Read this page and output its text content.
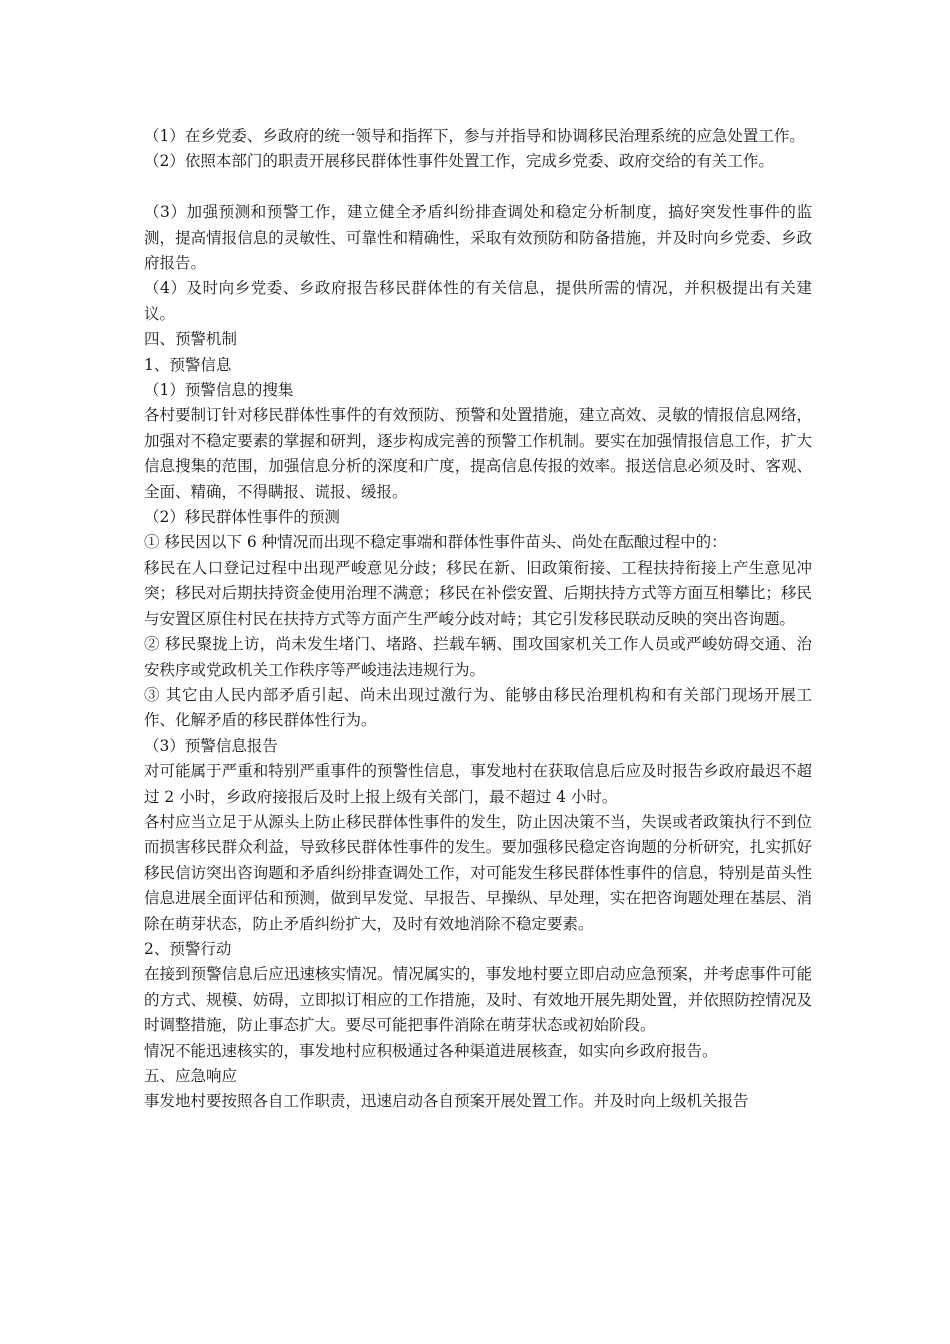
（1）在乡党委、乡政府的统一领导和指挥下，参与并指导和协调移民治理系统的应急处置工作。

（2）依照本部门的职责开展移民群体性事件处置工作，完成乡党委、政府交给的有关工作。

（3）加强预测和预警工作，建立健全矛盾纠纷排查调处和稳定分析制度，搞好突发性事件的监测，提高情报信息的灵敏性、可靠性和精确性，采取有效预防和防备措施，并及时向乡党委、乡政府报告。

（4）及时向乡党委、乡政府报告移民群体性的有关信息，提供所需的情况，并积极提出有关建议。

四、预警机制

1、预警信息

（1）预警信息的搜集

各村要制订针对移民群体性事件的有效预防、预警和处置措施，建立高效、灵敏的情报信息网络，加强对不稳定要素的掌握和研判，逐步构成完善的预警工作机制。要实在加强情报信息工作，扩大信息搜集的范围，加强信息分析的深度和广度，提高信息传报的效率。报送信息必须及时、客观、全面、精确，不得瞒报、谎报、缓报。

（2）移民群体性事件的预测

① 移民因以下 6 种情况而出现不稳定事端和群体性事件苗头、尚处在酝酿过程中的：

移民在人口登记过程中出现严峻意见分歧；移民在新、旧政策衔接、工程扶持衔接上产生意见冲突；移民对后期扶持资金使用治理不满意；移民在补偿安置、后期扶持方式等方面互相攀比；移民与安置区原住村民在扶持方式等方面产生严峻分歧对峙；其它引发移民联动反映的突出咨询题。

② 移民聚拢上访，尚未发生堵门、堵路、拦载车辆、围攻国家机关工作人员或严峻妨碍交通、治安秩序或党政机关工作秩序等严峻违法违规行为。

③ 其它由人民内部矛盾引起、尚未出现过激行为、能够由移民治理机构和有关部门现场开展工作、化解矛盾的移民群体性行为。

（3）预警信息报告

对可能属于严重和特别严重事件的预警性信息，事发地村在获取信息后应及时报告乡政府最迟不超过 2 小时，乡政府接报后及时上报上级有关部门，最不超过 4 小时。

各村应当立足于从源头上防止移民群体性事件的发生，防止因决策不当，失误或者政策执行不到位而损害移民群众利益，导致移民群体性事件的发生。要加强移民稳定咨询题的分析研究，扎实抓好移民信访突出咨询题和矛盾纠纷排查调处工作，对可能发生移民群体性事件的信息，特别是苗头性信息进展全面评估和预测，做到早发觉、早报告、早操纵、早处理，实在把咨询题处理在基层、消除在萌芽状态，防止矛盾纠纷扩大，及时有效地消除不稳定要素。

2、预警行动

在接到预警信息后应迅速核实情况。情况属实的，事发地村要立即启动应急预案，并考虑事件可能的方式、规模、妨碍，立即拟订相应的工作措施，及时、有效地开展先期处置，并依照防控情况及时调整措施，防止事态扩大。要尽可能把事件消除在萌芽状态或初始阶段。

情况不能迅速核实的，事发地村应积极通过各种渠道进展核查，如实向乡政府报告。

五、应急响应

事发地村要按照各自工作职责，迅速启动各自预案开展处置工作。并及时向上级机关报告
